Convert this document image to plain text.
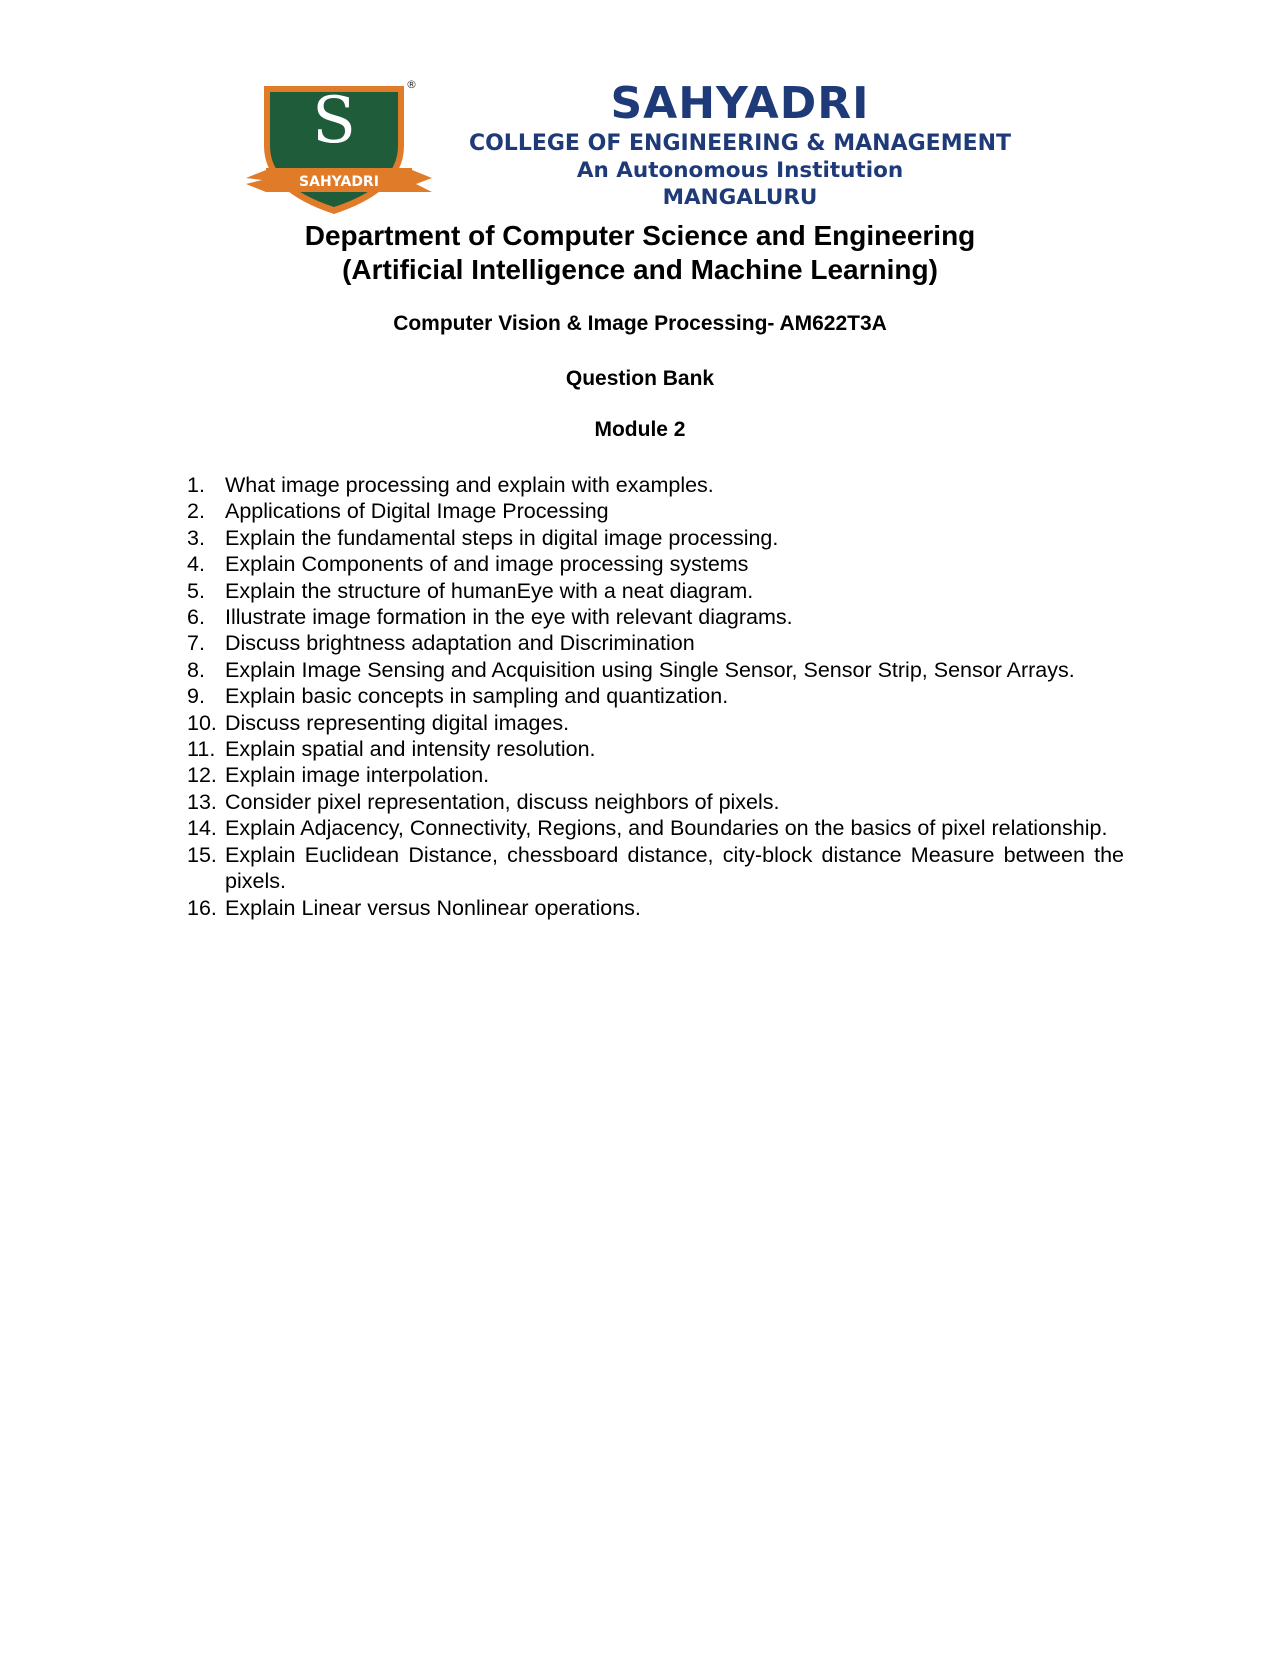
S
SAHYADRI
®	SAHYADRI
COLLEGE OF ENGINEERING & MANAGEMENT
An Autonomous Institution
MANGALURU
Department of Computer Science and Engineering
(Artificial Intelligence and Machine Learning)
Computer Vision & Image Processing- AM622T3A
Question Bank
Module 2
1. What image processing and explain with examples.
2. Applications of Digital Image Processing
3. Explain the fundamental steps in digital image processing.
4. Explain Components of and image processing systems
5. Explain the structure of humanEye with a neat diagram.
6. Illustrate image formation in the eye with relevant diagrams.
7. Discuss brightness adaptation and Discrimination
8. Explain Image Sensing and Acquisition using Single Sensor, Sensor Strip, Sensor Arrays.
9. Explain basic concepts in sampling and quantization.
10. Discuss representing digital images.
11. Explain spatial and intensity resolution.
12. Explain image interpolation.
13. Consider pixel representation, discuss neighbors of pixels.
14. Explain Adjacency, Connectivity, Regions, and Boundaries on the basics of pixel relationship.
15. Explain Euclidean Distance, chessboard distance, city-block distance Measure between the pixels.
16. Explain Linear versus Nonlinear operations.
